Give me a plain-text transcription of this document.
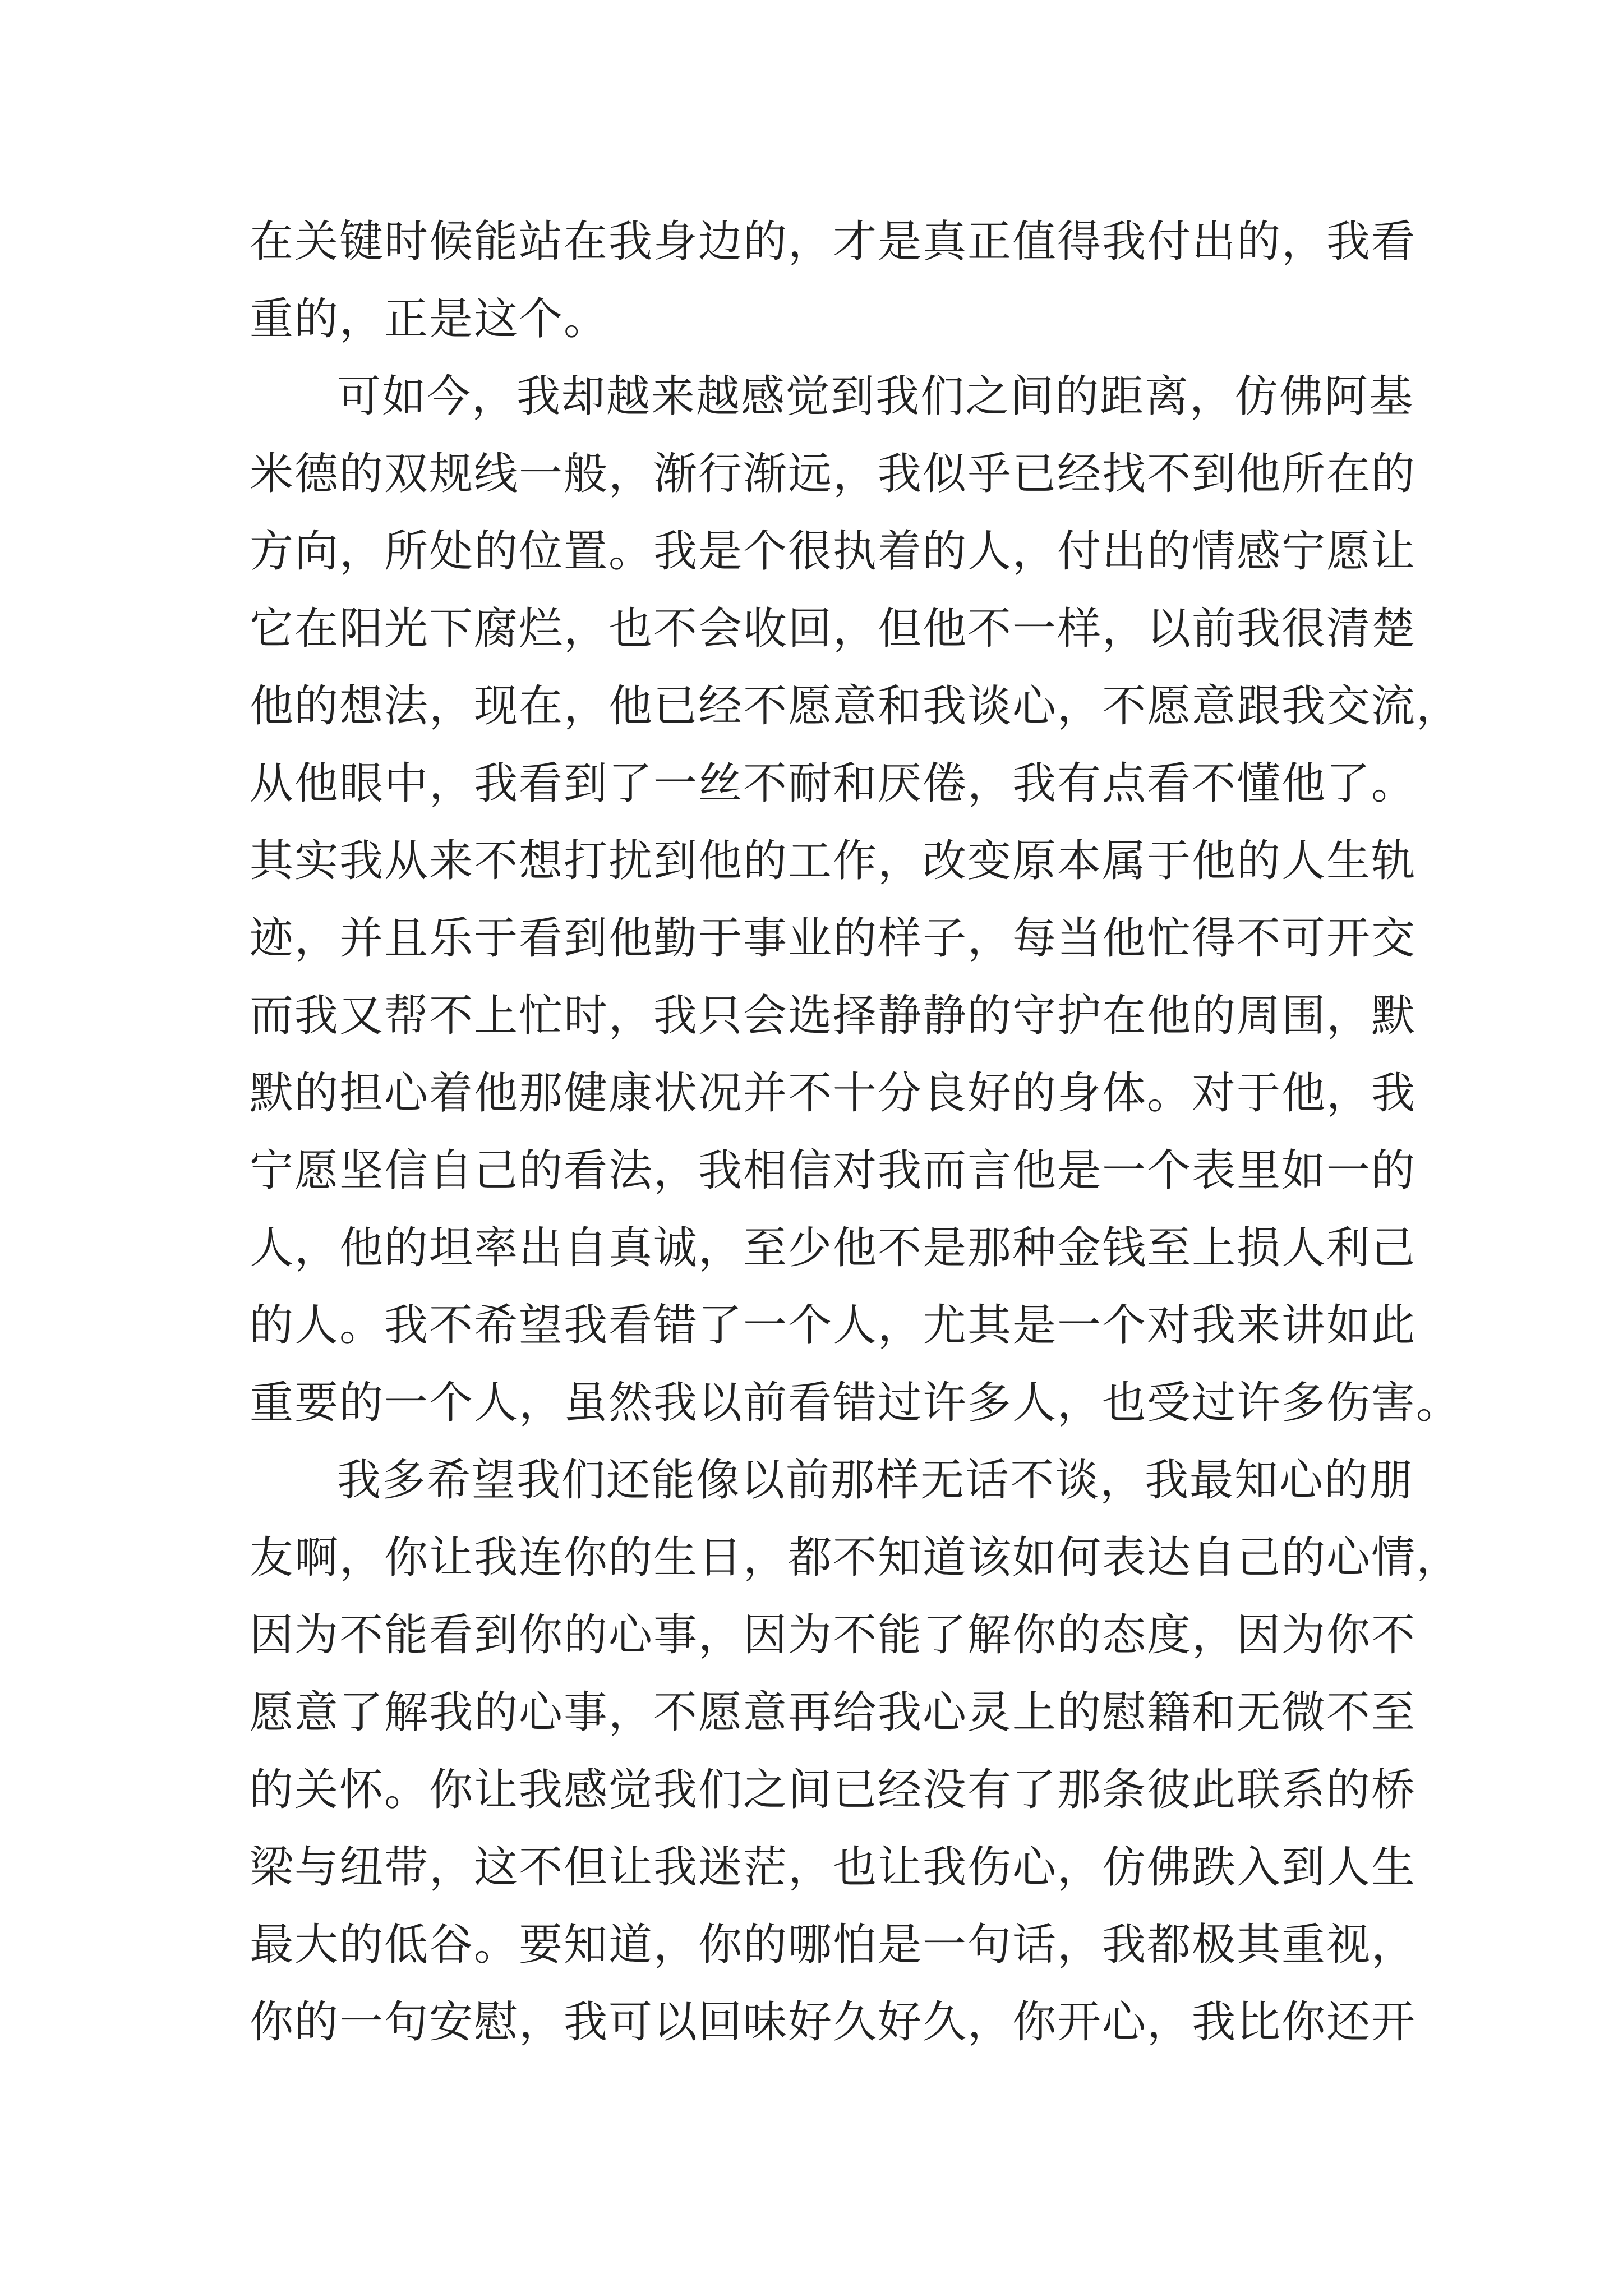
在关键时候能站在我身边的，才是真正值得我付出的，我看
重的，正是这个。
可如今，我却越来越感觉到我们之间的距离，仿佛阿基
米德的双规线一般，渐行渐远，我似乎已经找不到他所在的
方向，所处的位置。我是个很执着的人，付出的情感宁愿让
它在阳光下腐烂，也不会收回，但他不一样，以前我很清楚
他的想法，现在，他已经不愿意和我谈心，不愿意跟我交流，
从他眼中，我看到了一丝不耐和厌倦，我有点看不懂他了。
其实我从来不想打扰到他的工作，改变原本属于他的人生轨
迹，并且乐于看到他勤于事业的样子，每当他忙得不可开交
而我又帮不上忙时，我只会选择静静的守护在他的周围，默
默的担心着他那健康状况并不十分良好的身体。对于他，我
宁愿坚信自己的看法，我相信对我而言他是一个表里如一的
人，他的坦率出自真诚，至少他不是那种金钱至上损人利己
的人。我不希望我看错了一个人，尤其是一个对我来讲如此
重要的一个人，虽然我以前看错过许多人，也受过许多伤害。
我多希望我们还能像以前那样无话不谈，我最知心的朋
友啊，你让我连你的生日，都不知道该如何表达自己的心情，
因为不能看到你的心事，因为不能了解你的态度，因为你不
愿意了解我的心事，不愿意再给我心灵上的慰籍和无微不至
的关怀。你让我感觉我们之间已经没有了那条彼此联系的桥
梁与纽带，这不但让我迷茫，也让我伤心，仿佛跌入到人生
最大的低谷。要知道，你的哪怕是一句话，我都极其重视，
你的一句安慰，我可以回味好久好久，你开心，我比你还开
